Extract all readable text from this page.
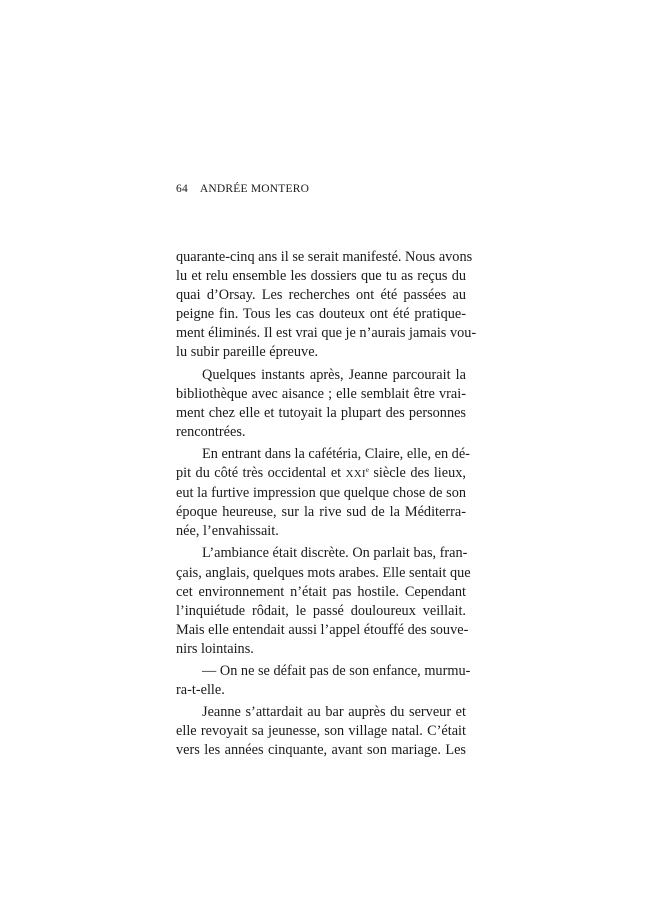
64 ANDRÉE MONTERO

quarante-cinq ans il se serait manifesté. Nous avons
lu et relu ensemble les dossiers que tu as reçus du
quai d’Orsay. Les recherches ont été passées au
peigne fin. Tous les cas douteux ont été pratique-
ment éliminés. Il est vrai que je n’aurais jamais vou-
lu subir pareille épreuve.

Quelques instants après, Jeanne parcourait la
bibliothèque avec aisance ; elle semblait être vrai-
ment chez elle et tutoyait la plupart des personnes
rencontrées.

En entrant dans la cafétéria, Claire, elle, en dé-
pit du côté très occidental et XXIe siècle des lieux,
eut la furtive impression que quelque chose de son
époque heureuse, sur la rive sud de la Méditerra-
née, l’envahissait.

L’ambiance était discrète. On parlait bas, fran-
çais, anglais, quelques mots arabes. Elle sentait que
cet environnement n’était pas hostile. Cependant
l’inquiétude rôdait, le passé douloureux veillait.
Mais elle entendait aussi l’appel étouffé des souve-
nirs lointains.

— On ne se défait pas de son enfance, murmu-
ra-t-elle.

Jeanne s’attardait au bar auprès du serveur et
elle revoyait sa jeunesse, son village natal. C’était
vers les années cinquante, avant son mariage. Les
